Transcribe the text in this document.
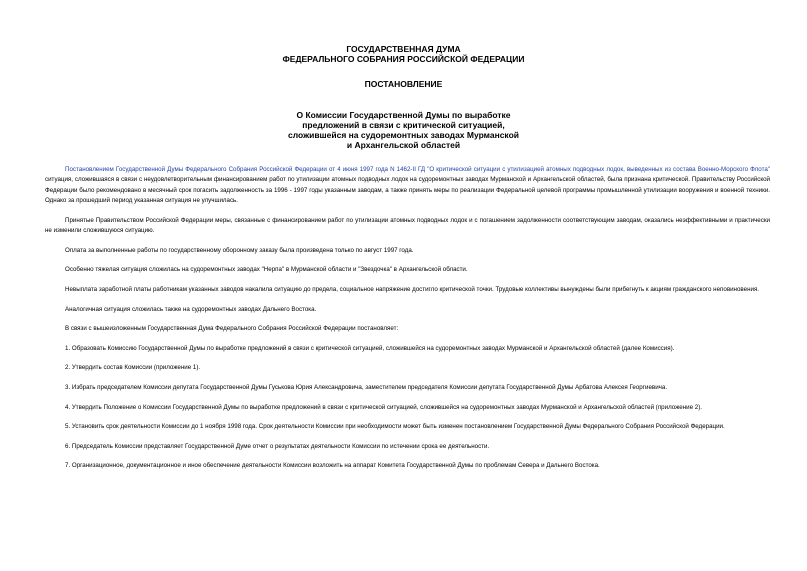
ГОСУДАРСТВЕННАЯ ДУМА
ФЕДЕРАЛЬНОГО СОБРАНИЯ РОССИЙСКОЙ ФЕДЕРАЦИИ
ПОСТАНОВЛЕНИЕ
О Комиссии Государственной Думы по выработке
предложений в связи с критической ситуацией,
сложившейся на судоремонтных заводах Мурманской
и Архангельской областей

Постановлением Государственной Думы Федерального Собрания Российской Федерации от 4 июня 1997 года N 1462-II ГД "О критической ситуации с утилизацией атомных подводных лодок, выведенных из состава Военно-Морского Флота" ситуация, сложившаяся в связи с неудовлетворительным финансированием работ по утилизации атомных подводных лодок на судоремонтных заводах Мурманской и Архангельской областей, была признана критической. Правительству Российской Федерации было рекомендовано в месячный срок погасить задолженность за 1996 - 1997 годы указанным заводам, а также принять меры по реализации Федеральной целевой программы промышленной утилизации вооружения и военной техники. Однако за прошедший период указанная ситуация не улучшилась.

Принятые Правительством Российской Федерации меры, связанные с финансированием работ по утилизации атомных подводных лодок и с погашением задолженности соответствующим заводам, оказались неэффективными и практически не изменили сложившуюся ситуацию.

Оплата за выполненные работы по государственному оборонному заказу была произведена только по август 1997 года.

Особенно тяжелая ситуация сложилась на судоремонтных заводах "Нерпа" в Мурманской области и "Звездочка" в Архангельской области.

Невыплата заработной платы работникам указанных заводов накалила ситуацию до предела, социальное напряжение достигло критической точки. Трудовые коллективы вынуждены были прибегнуть к акциям гражданского неповиновения.

Аналогичная ситуация сложилась также на судоремонтных заводах Дальнего Востока.

В связи с вышеизложенным Государственная Дума Федерального Собрания Российской Федерации постановляет:

1. Образовать Комиссию Государственной Думы по выработке предложений в связи с критической ситуацией, сложившейся на судоремонтных заводах Мурманской и Архангельской областей (далее Комиссия).

2. Утвердить состав Комиссии (приложение 1).

3. Избрать председателем Комиссии депутата Государственной Думы Гуськова Юрия Александровича, заместителем председателя Комиссии депутата Государственной Думы Арбатова Алексея Георгиевича.

4. Утвердить Положение о Комиссии Государственной Думы по выработке предложений в связи с критической ситуацией, сложившейся на судоремонтных заводах Мурманской и Архангельской областей (приложение 2).

5. Установить срок деятельности Комиссии до 1 ноября 1998 года. Срок деятельности Комиссии при необходимости может быть изменен постановлением Государственной Думы Федерального Собрания Российской Федерации.

6. Председатель Комиссии представляет Государственной Думе отчет о результатах деятельности Комиссии по истечении срока ее деятельности.

7. Организационное, документационное и иное обеспечение деятельности Комиссии возложить на аппарат Комитета Государственной Думы по проблемам Севера и Дальнего Востока.
